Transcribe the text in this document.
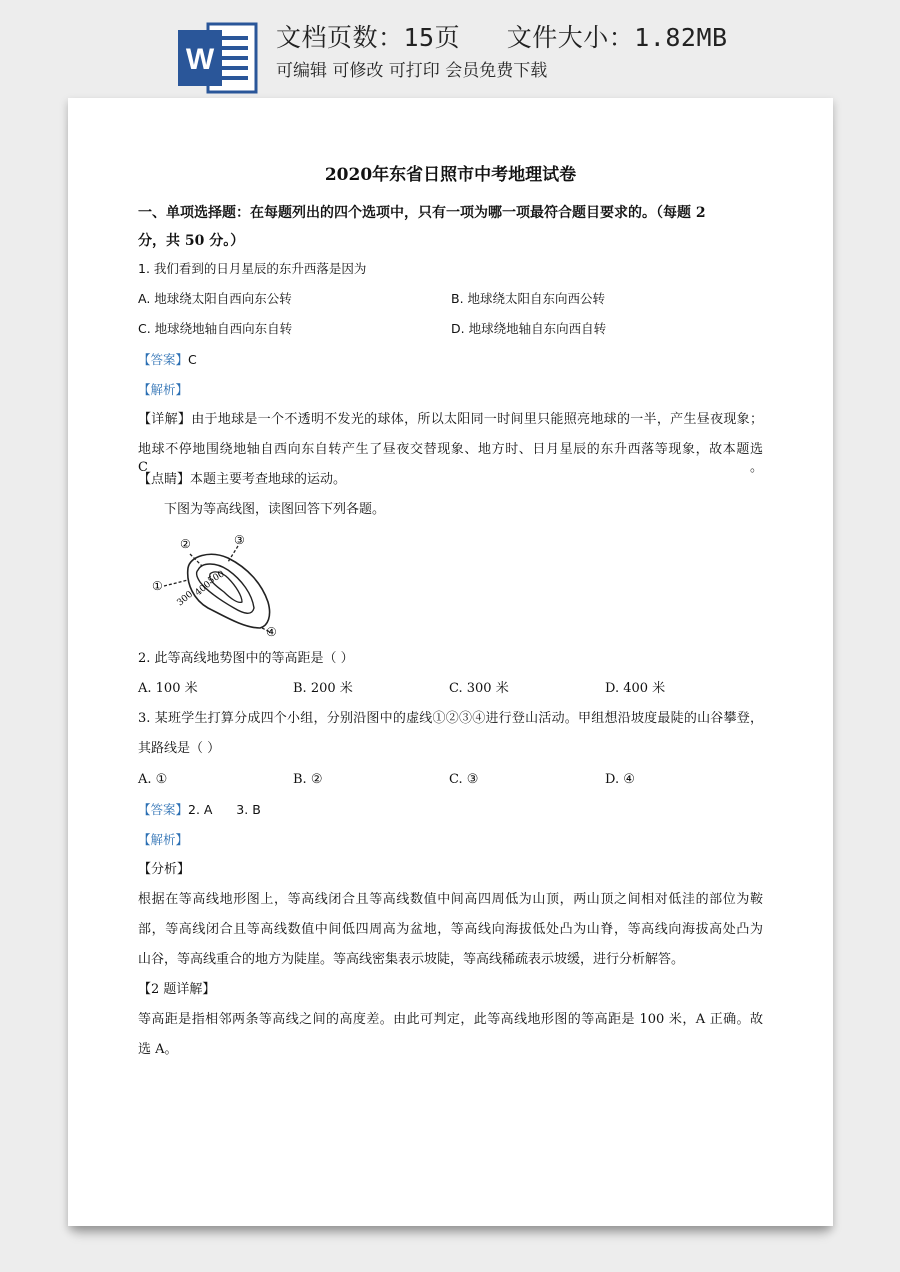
W
文档页数：15页   文件大小：1.82MB
可编辑 可修改 可打印 会员免费下载
2020年东省日照市中考地理试卷
一、单项选择题：在每题列出的四个选项中，只有一项为哪一项最符合题目要求的。（每题 2
分，共 50 分。）
1. 我们看到的日月星辰的东升西落是因为
A. 地球绕太阳自西向东公转	B. 地球绕太阳自东向西公转
C. 地球绕地轴自西向东自转	D. 地球绕地轴自东向西自转
【答案】C
【解析】
【详解】由于地球是一个不透明不发光的球体，所以太阳同一时间里只能照亮地球的一半，产生昼夜现象；
地球不停地围绕地轴自西向东自转产生了昼夜交替现象、地方时、日月星辰的东升西落等现象，故本题选 C。
【点睛】本题主要考查地球的运动。
下图为等高线图，读图回答下列各题。
①
②	③
④
300
400
500
2. 此等高线地势图中的等高距是（ ）
A. 100 米	B. 200 米	C. 300 米	D. 400 米
3. 某班学生打算分成四个小组，分别沿图中的虚线①②③④进行登山活动。甲组想沿坡度最陡的山谷攀登，
其路线是（ ）
A. ①	B. ②	C. ③	D. ④
【答案】2. A      3. B
【解析】
【分析】
根据在等高线地形图上，等高线闭合且等高线数值中间高四周低为山顶，两山顶之间相对低洼的部位为鞍
部，等高线闭合且等高线数值中间低四周高为盆地，等高线向海拔低处凸为山脊，等高线向海拔高处凸为
山谷，等高线重合的地方为陡崖。等高线密集表示坡陡，等高线稀疏表示坡缓，进行分析解答。
【2 题详解】
等高距是指相邻两条等高线之间的高度差。由此可判定，此等高线地形图的等高距是 100 米，A 正确。故
选 A。
